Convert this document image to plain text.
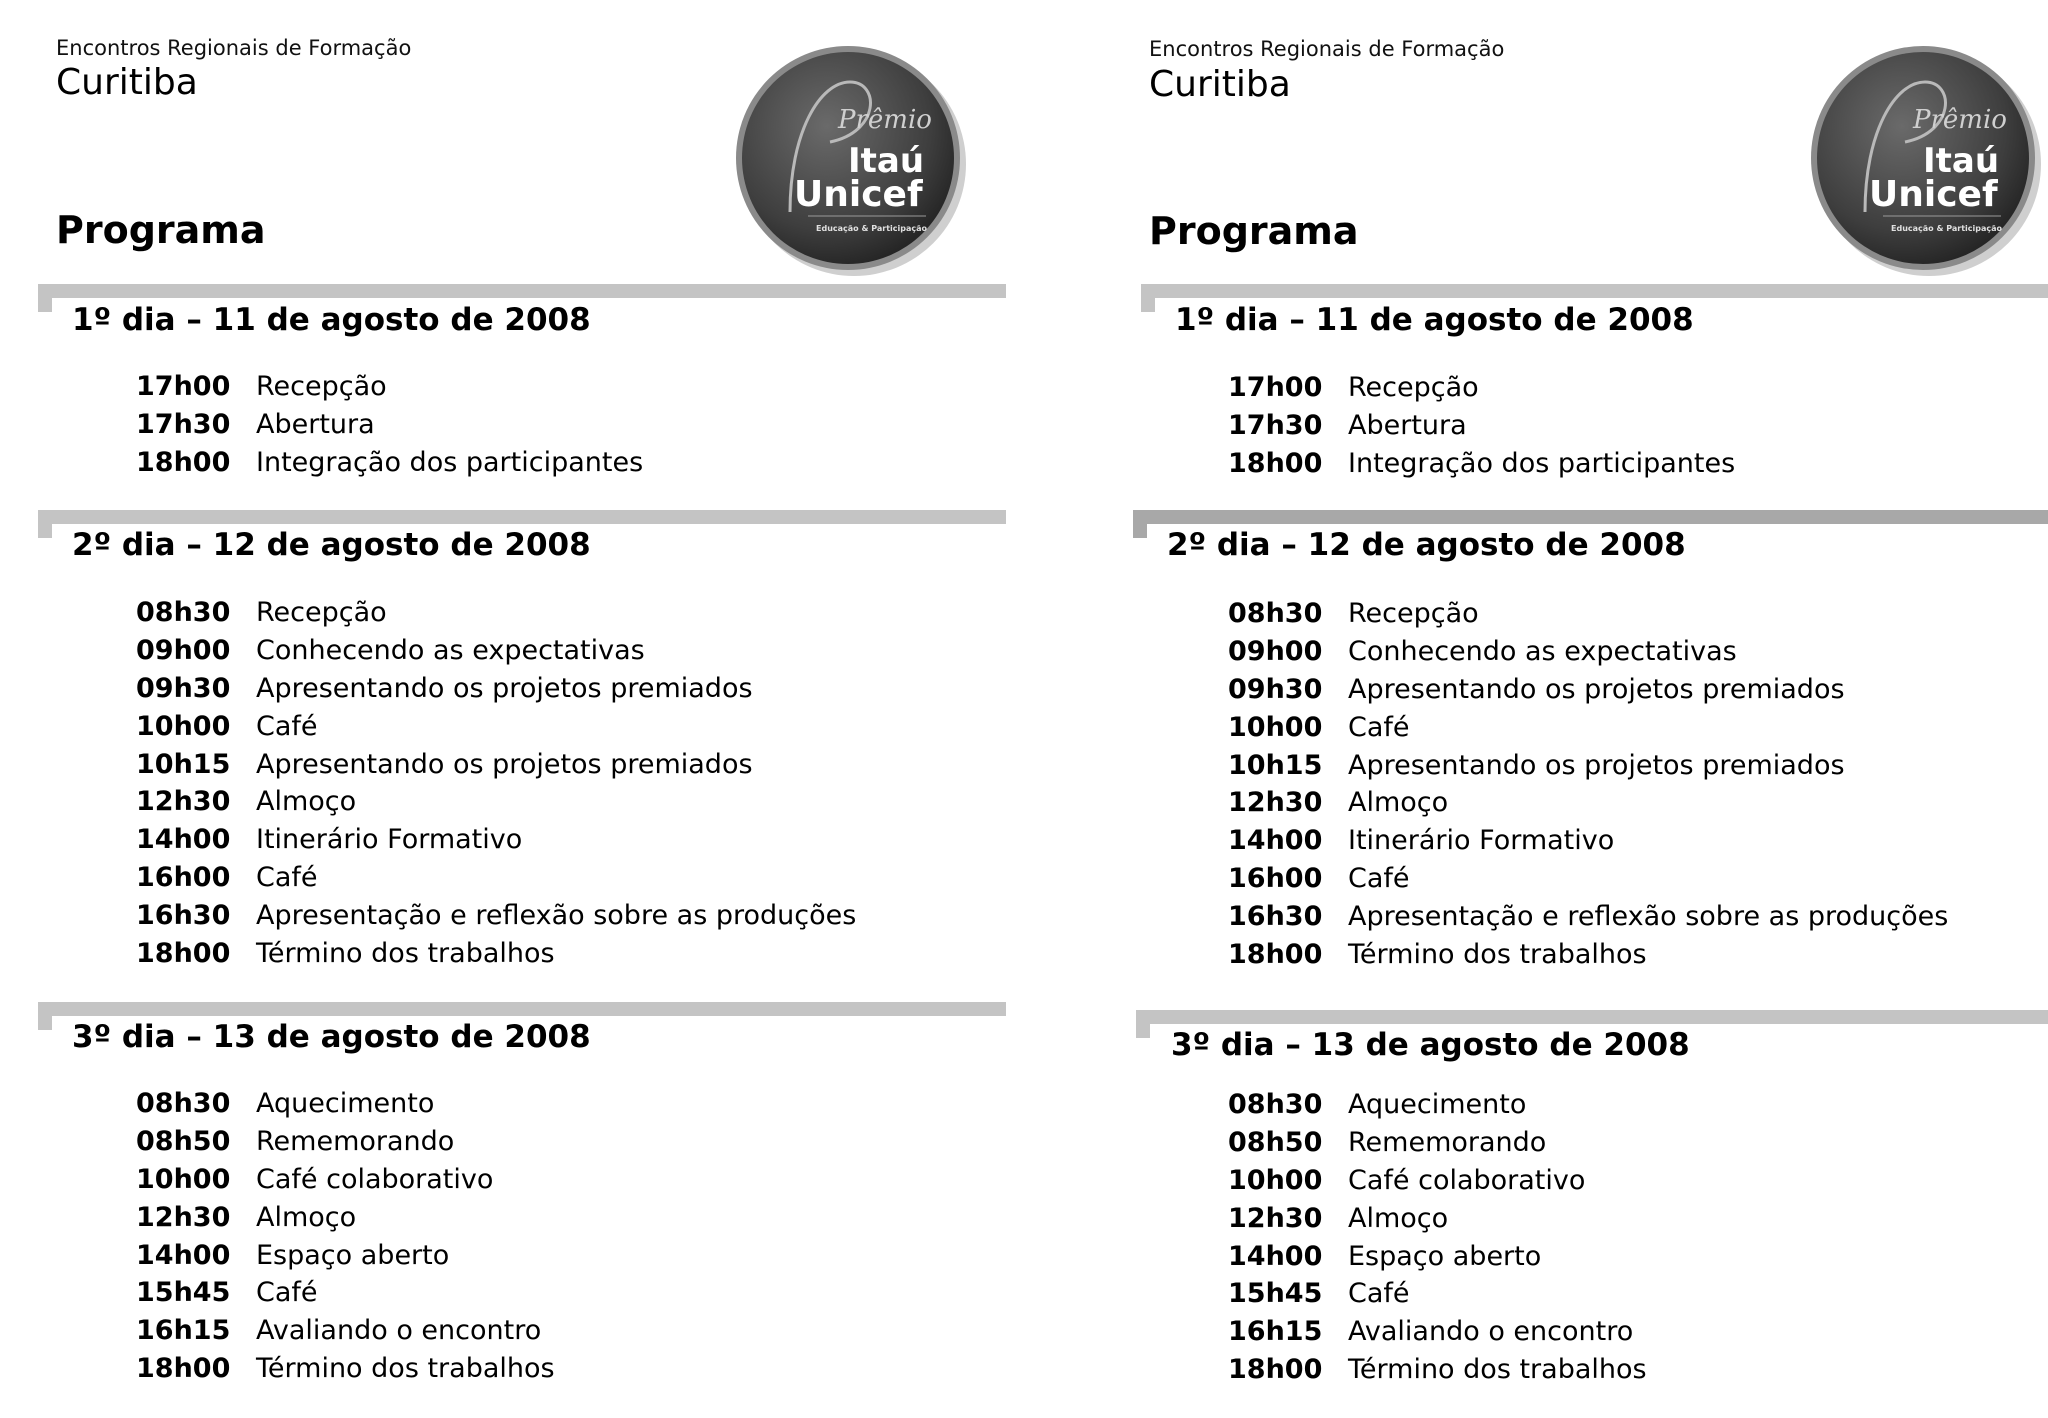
Encontros Regionais de Formação
Curitiba
Programa
Prêmio
Itaú
Unicef
Educação & Participação
1º dia – 11 de agosto de 2008
17h00 Recepção
17h30 Abertura
18h00 Integração dos participantes
2º dia – 12 de agosto de 2008
08h30 Recepção
09h00 Conhecendo as expectativas
09h30 Apresentando os projetos premiados
10h00 Café
10h15 Apresentando os projetos premiados
12h30 Almoço
14h00 Itinerário Formativo
16h00 Café
16h30 Apresentação e reflexão sobre as produções
18h00 Término dos trabalhos
3º dia – 13 de agosto de 2008
08h30 Aquecimento
08h50 Rememorando
10h00 Café colaborativo
12h30 Almoço
14h00 Espaço aberto
15h45 Café
16h15 Avaliando o encontro
18h00 Término dos trabalhos
Encontros Regionais de Formação
Curitiba
Programa
Prêmio
Itaú
Unicef
Educação & Participação
1º dia – 11 de agosto de 2008
17h00 Recepção
17h30 Abertura
18h00 Integração dos participantes
2º dia – 12 de agosto de 2008
08h30 Recepção
09h00 Conhecendo as expectativas
09h30 Apresentando os projetos premiados
10h00 Café
10h15 Apresentando os projetos premiados
12h30 Almoço
14h00 Itinerário Formativo
16h00 Café
16h30 Apresentação e reflexão sobre as produções
18h00 Término dos trabalhos
3º dia – 13 de agosto de 2008
08h30 Aquecimento
08h50 Rememorando
10h00 Café colaborativo
12h30 Almoço
14h00 Espaço aberto
15h45 Café
16h15 Avaliando o encontro
18h00 Término dos trabalhos
